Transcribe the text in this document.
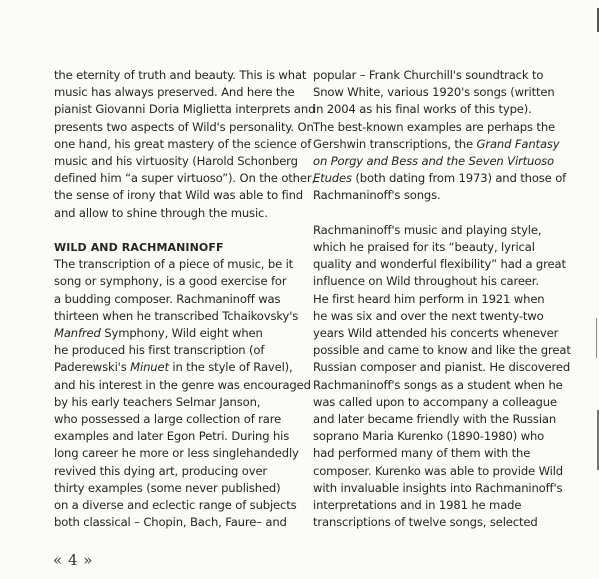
the eternity of truth and beauty. This is what
music has always preserved. And here the
pianist Giovanni Doria Miglietta interprets and
presents two aspects of Wild's personality. On
one hand, his great mastery of the science of
music and his virtuosity (Harold Schonberg
defined him “a super virtuoso”). On the other,
the sense of irony that Wild was able to find
and allow to shine through the music.
WILD AND RACHMANINOFF
The transcription of a piece of music, be it
song or symphony, is a good exercise for
a budding composer. Rachmaninoff was
thirteen when he transcribed Tchaikovsky's
Manfred Symphony, Wild eight when
he produced his first transcription (of
Paderewski's Minuet in the style of Ravel),
and his interest in the genre was encouraged
by his early teachers Selmar Janson,
who possessed a large collection of rare
examples and later Egon Petri. During his
long career he more or less singlehandedly
revived this dying art, producing over
thirty examples (some never published)
on a diverse and eclectic range of subjects
both classical – Chopin, Bach, Faure– and
popular – Frank Churchill's soundtrack to
Snow White, various 1920's songs (written
in 2004 as his final works of this type).
The best-known examples are perhaps the
Gershwin transcriptions, the Grand Fantasy
on Porgy and Bess and the Seven Virtuoso
Etudes (both dating from 1973) and those of
Rachmaninoff's songs.
Rachmaninoff's music and playing style,
which he praised for its “beauty, lyrical
quality and wonderful flexibility” had a great
influence on Wild throughout his career.
He first heard him perform in 1921 when
he was six and over the next twenty-two
years Wild attended his concerts whenever
possible and came to know and like the great
Russian composer and pianist. He discovered
Rachmaninoff's songs as a student when he
was called upon to accompany a colleague
and later became friendly with the Russian
soprano Maria Kurenko (1890-1980) who
had performed many of them with the
composer. Kurenko was able to provide Wild
with invaluable insights into Rachmaninoff's
interpretations and in 1981 he made
transcriptions of twelve songs, selected
« 4 »
